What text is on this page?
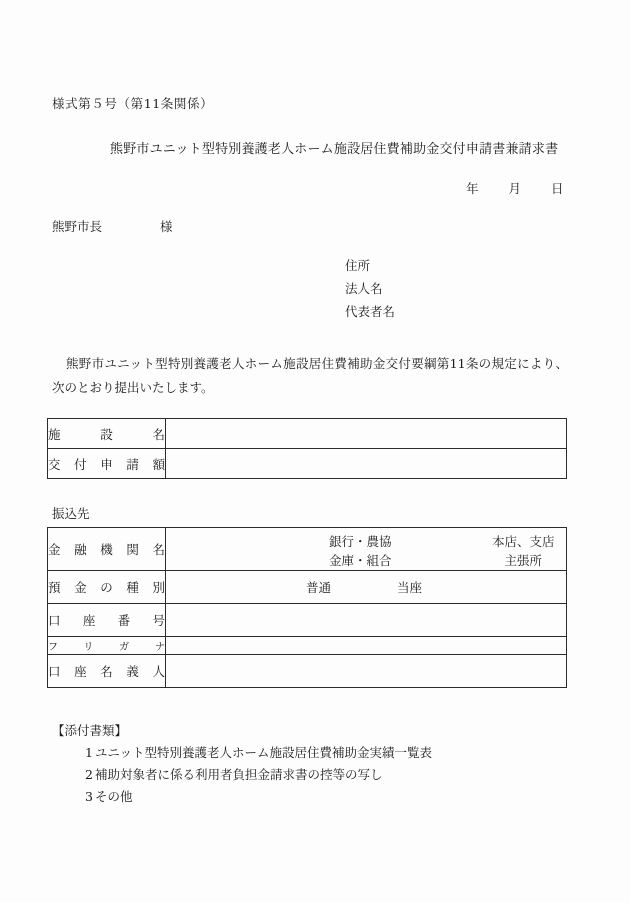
様式第５号（第11条関係）
熊野市ユニット型特別養護老人ホーム施設居住費補助金交付申請書兼請求書
年 月 日
熊野市長	様
住所
法人名
代表者名
熊野市ユニット型特別養護老人ホーム施設居住費補助金交付要綱第11条の規定により、次のとおり提出いたします。
施設名	

交付申請額	

振込先
金融機関名	銀行・農協
金庫・組合
本店、支店
主張所

預金の種別	普通 当座

口座番号	

フリガナ	

口座名義人	

【添付書類】
1 ユニット型特別養護老人ホーム施設居住費補助金実績一覧表
2 補助対象者に係る利用者負担金請求書の控等の写し
3 その他
